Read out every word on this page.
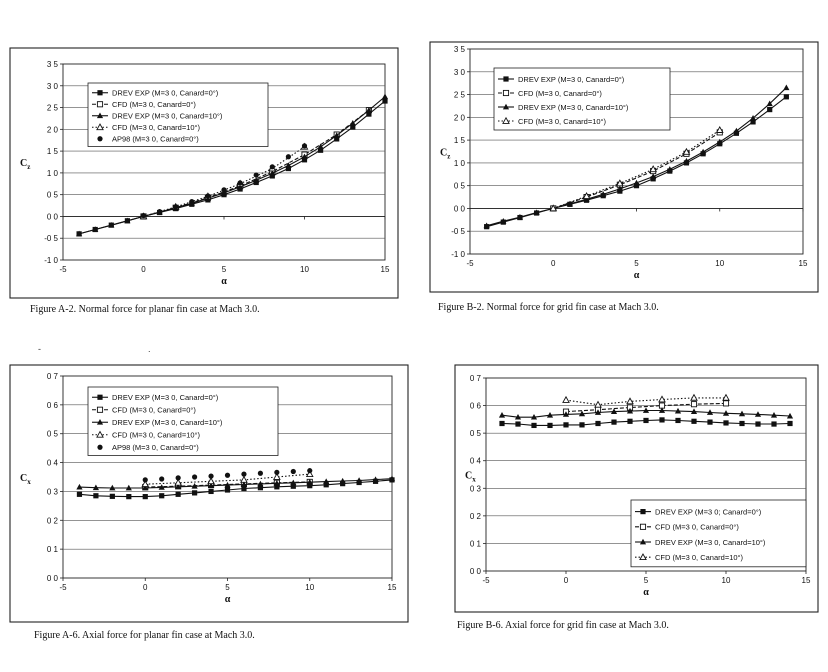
-1 0
-0 5
0 0
0 5
1 0
1 5
2 0
2 5
3 0
3 5
-5	0	5	10	15
α
$C_z$
DREV EXP (M=3 0, Canard=0°)
CFD (M=3 0, Canard=0°)
DREV EXP (M=3 0, Canard=10°)
CFD (M=3 0, Canard=10°)
AP98 (M=3 0, Canard=0°)
-1 0
-0 5
0 0
0 5
1 0
1 5
2 0
2 5
3 0
3 5
-5	0	5	10	15
α
$C_z$
DREV EXP (M=3 0, Canard=0°)
CFD (M=3 0, Canard=0°)
DREV EXP (M=3 0, Canard=10°)
CFD (M=3 0, Canard=10°)
0 0
0 1
0 2
0 3
0 4
0 5
0 6
0 7
-5	0	5	10	15
α
$C_x$
DREV EXP (M=3 0, Canard=0°)
CFD (M=3 0, Canard=0°)
DREV EXP (M=3 0, Canard=10°)
CFD (M=3 0, Canard=10°)
AP98 (M=3 0, Canard=0°)
0 0
0 1
0 2
0 3
0 4
0 5
0 6
0 7
-5	0	5	10	15
α
$C_x$
DREV EXP (M=3 0; Canard=0°)
CFD (M=3 0, Canard=0°)
DREV EXP (M=3 0, Canard=10°)
CFD (M=3 0, Canard=10°)
Figure A-2. Normal force for planar fin case at Mach 3.0.	Figure B-2. Normal force for grid fin case at Mach 3.0.
Figure A-6. Axial force for planar fin case at Mach 3.0.
Figure B-6. Axial force for grid fin case at Mach 3.0.
-	.
